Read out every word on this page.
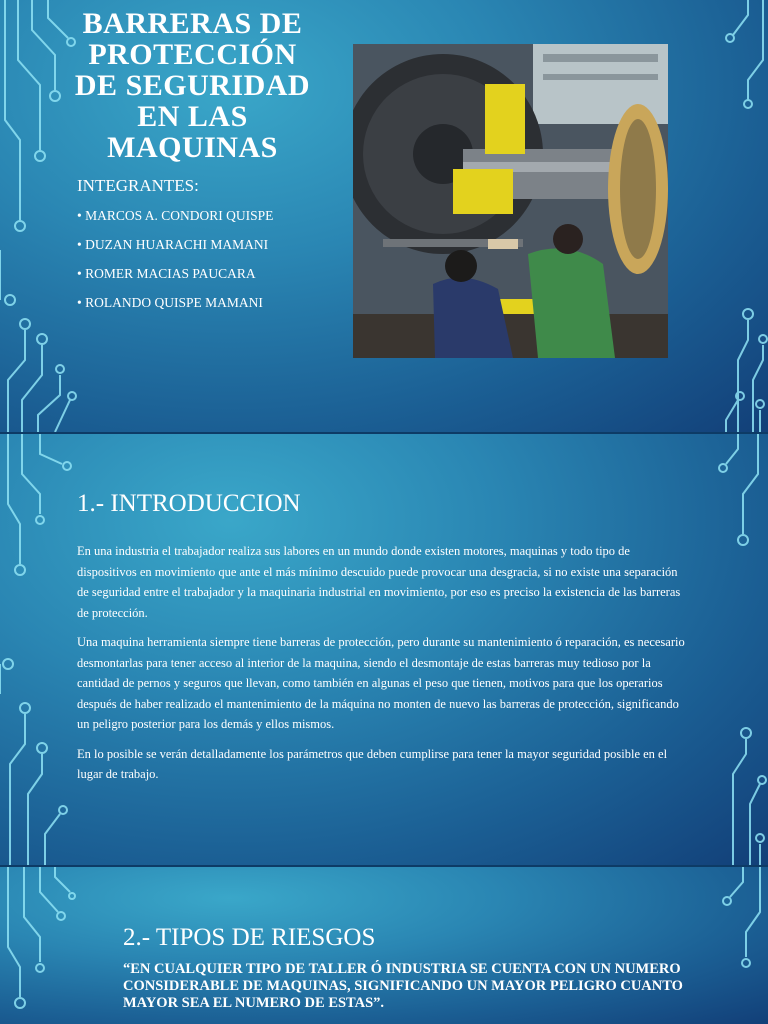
BARRERAS DE PROTECCIÓN DE SEGURIDAD EN LAS MAQUINAS

INTEGRANTES:

• MARCOS A. CONDORI QUISPE
• DUZAN HUARACHI MAMANI
• ROMER MACIAS PAUCARA
• ROLANDO QUISPE MAMANI
1.- INTRODUCCION

En una industria el trabajador realiza sus labores en un mundo donde existen motores, maquinas y todo tipo de dispositivos en movimiento que ante el más mínimo descuido puede provocar una desgracia, si no existe una separación de seguridad entre el trabajador y la maquinaria industrial en movimiento, por eso es preciso la existencia de las barreras de protección.

Una maquina herramienta siempre tiene barreras de protección, pero durante su mantenimiento ó reparación, es necesario desmontarlas para tener acceso al interior de la maquina, siendo el desmontaje de estas barreras muy tedioso por la cantidad de pernos y seguros que llevan, como también en algunas el peso que tienen, motivos para que los operarios después de haber realizado el mantenimiento de la máquina no monten de nuevo las barreras de protección, significando un peligro posterior para los demás y ellos mismos.

En lo posible se verán detalladamente los parámetros que deben cumplirse para tener la mayor seguridad posible en el lugar de trabajo.

2.- TIPOS DE RIESGOS

“EN CUALQUIER TIPO DE TALLER Ó INDUSTRIA SE CUENTA CON UN NUMERO CONSIDERABLE DE MAQUINAS, SIGNIFICANDO UN MAYOR PELIGRO CUANTO MAYOR SEA EL NUMERO DE ESTAS”.
